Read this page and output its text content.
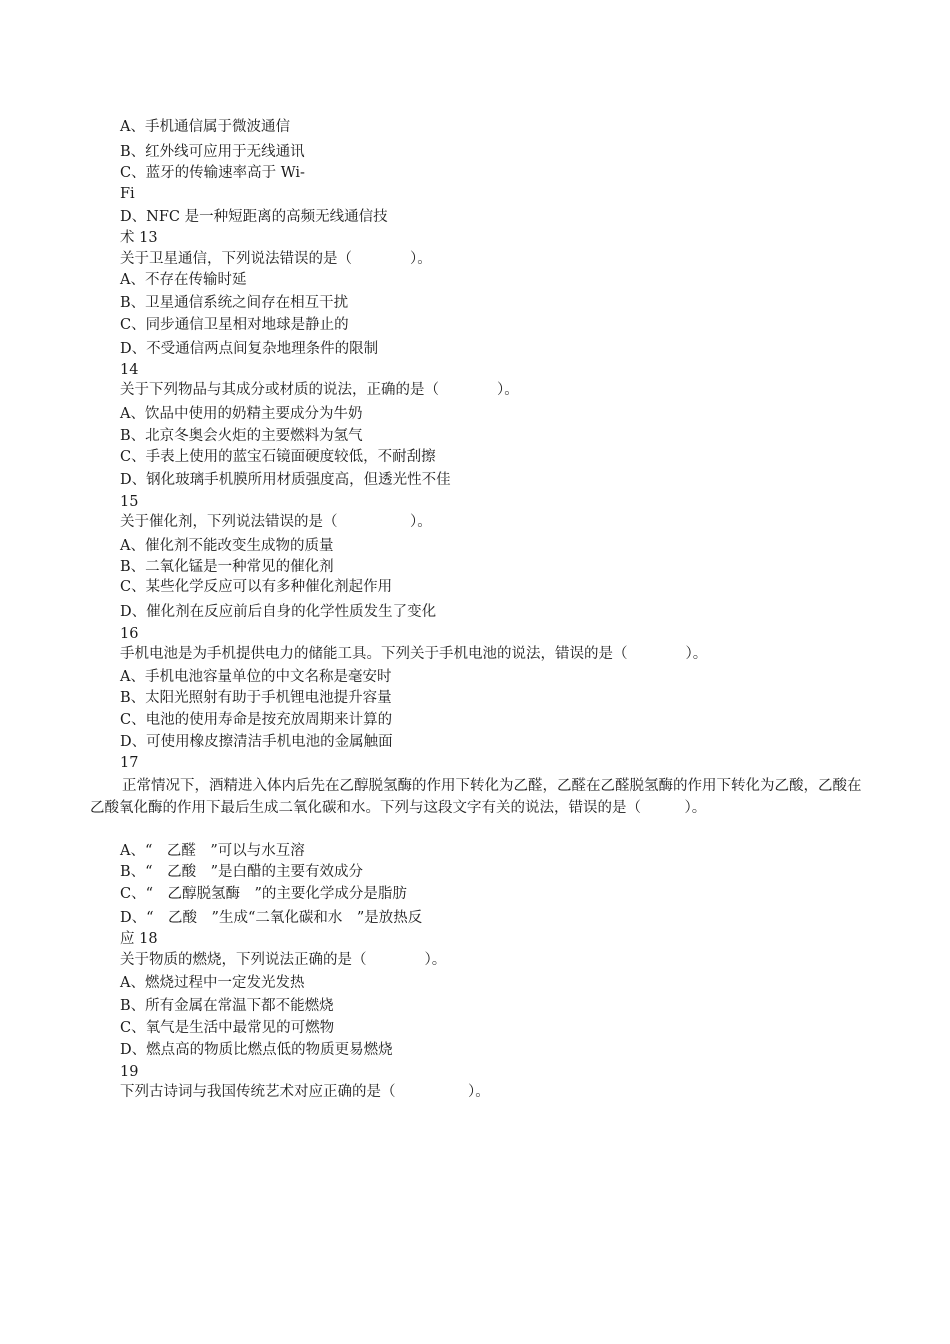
A、手机通信属于微波通信

B、红外线可应用于无线通讯

C、蓝牙的传输速率高于 Wi-

Fi

D、NFC 是一种短距离的高频无线通信技

术 13

关于卫星通信，下列说法错误的是（　　　　）。

A、不存在传输时延

B、卫星通信系统之间存在相互干扰

C、同步通信卫星相对地球是静止的

D、不受通信两点间复杂地理条件的限制

14

关于下列物品与其成分或材质的说法，正确的是（　　　　）。

A、饮品中使用的奶精主要成分为牛奶

B、北京冬奥会火炬的主要燃料为氢气

C、手表上使用的蓝宝石镜面硬度较低，不耐刮擦

D、钢化玻璃手机膜所用材质强度高，但透光性不佳

15

关于催化剂，下列说法错误的是（　　　　　）。

A、催化剂不能改变生成物的质量

B、二氧化锰是一种常见的催化剂

C、某些化学反应可以有多种催化剂起作用

D、催化剂在反应前后自身的化学性质发生了变化

16

手机电池是为手机提供电力的储能工具。下列关于手机电池的说法，错误的是（　　　　）。

A、手机电池容量单位的中文名称是毫安时

B、太阳光照射有助于手机锂电池提升容量

C、电池的使用寿命是按充放周期来计算的

D、可使用橡皮擦清洁手机电池的金属触面

17

正常情况下，酒精进入体内后先在乙醇脱氢酶的作用下转化为乙醛，乙醛在乙醛脱氢酶的作用下转化为乙酸，乙酸在乙酸氧化酶的作用下最后生成二氧化碳和水。下列与这段文字有关的说法，错误的是（　　　）。

A、“　乙醛　”可以与水互溶

B、“　乙酸　”是白醋的主要有效成分

C、“　乙醇脱氢酶　”的主要化学成分是脂肪

D、“　乙酸　”生成“二氧化碳和水　”是放热反

应 18

关于物质的燃烧，下列说法正确的是（　　　　）。

A、燃烧过程中一定发光发热

B、所有金属在常温下都不能燃烧

C、氧气是生活中最常见的可燃物

D、燃点高的物质比燃点低的物质更易燃烧

19

下列古诗词与我国传统艺术对应正确的是（　　　　　）。
